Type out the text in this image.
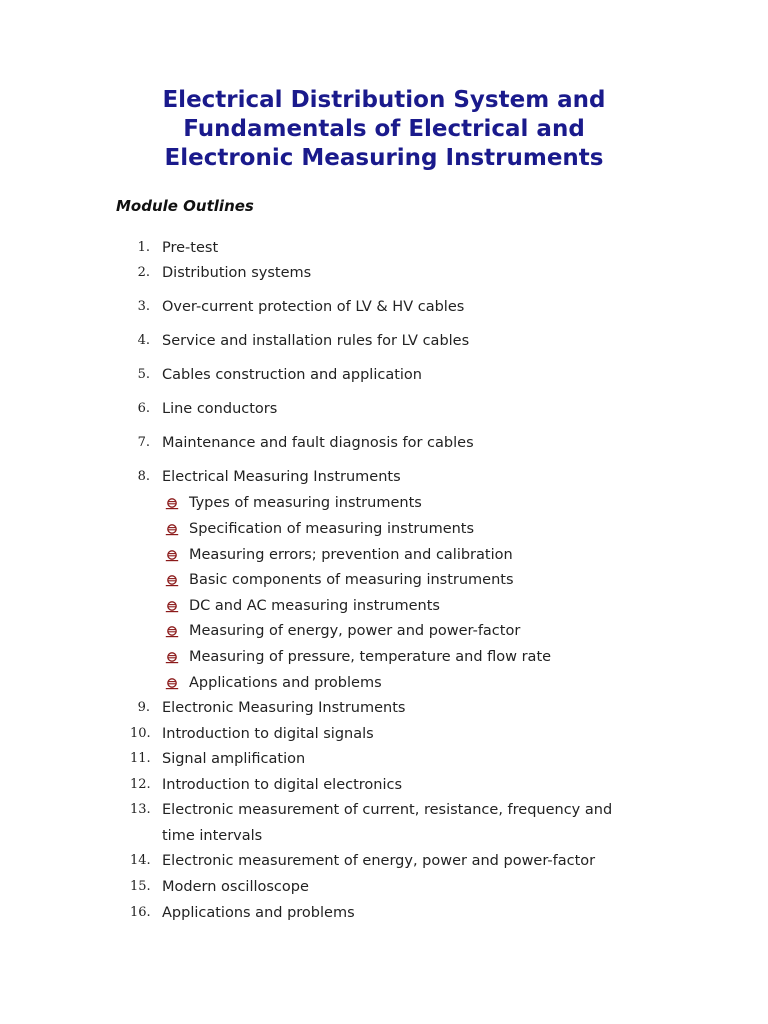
Electrical Distribution System and
Fundamentals of Electrical and
Electronic Measuring Instruments
Module Outlines
1. Pre-test
2. Distribution systems
3. Over-current protection of LV & HV cables
4. Service and installation rules for LV cables
5. Cables construction and application
6. Line conductors
7. Maintenance and fault diagnosis for cables
8. Electrical Measuring Instruments
Types of measuring instruments
Specification of measuring instruments
Measuring errors; prevention and calibration
Basic components of measuring instruments
DC and AC measuring instruments
Measuring of energy, power and power-factor
Measuring of pressure, temperature and flow rate
Applications and problems
9. Electronic Measuring Instruments
10. Introduction to digital signals
11. Signal amplification
12. Introduction to digital electronics
13. Electronic measurement of current, resistance, frequency and
time intervals
14. Electronic measurement of energy, power and power-factor
15. Modern oscilloscope
16. Applications and problems
